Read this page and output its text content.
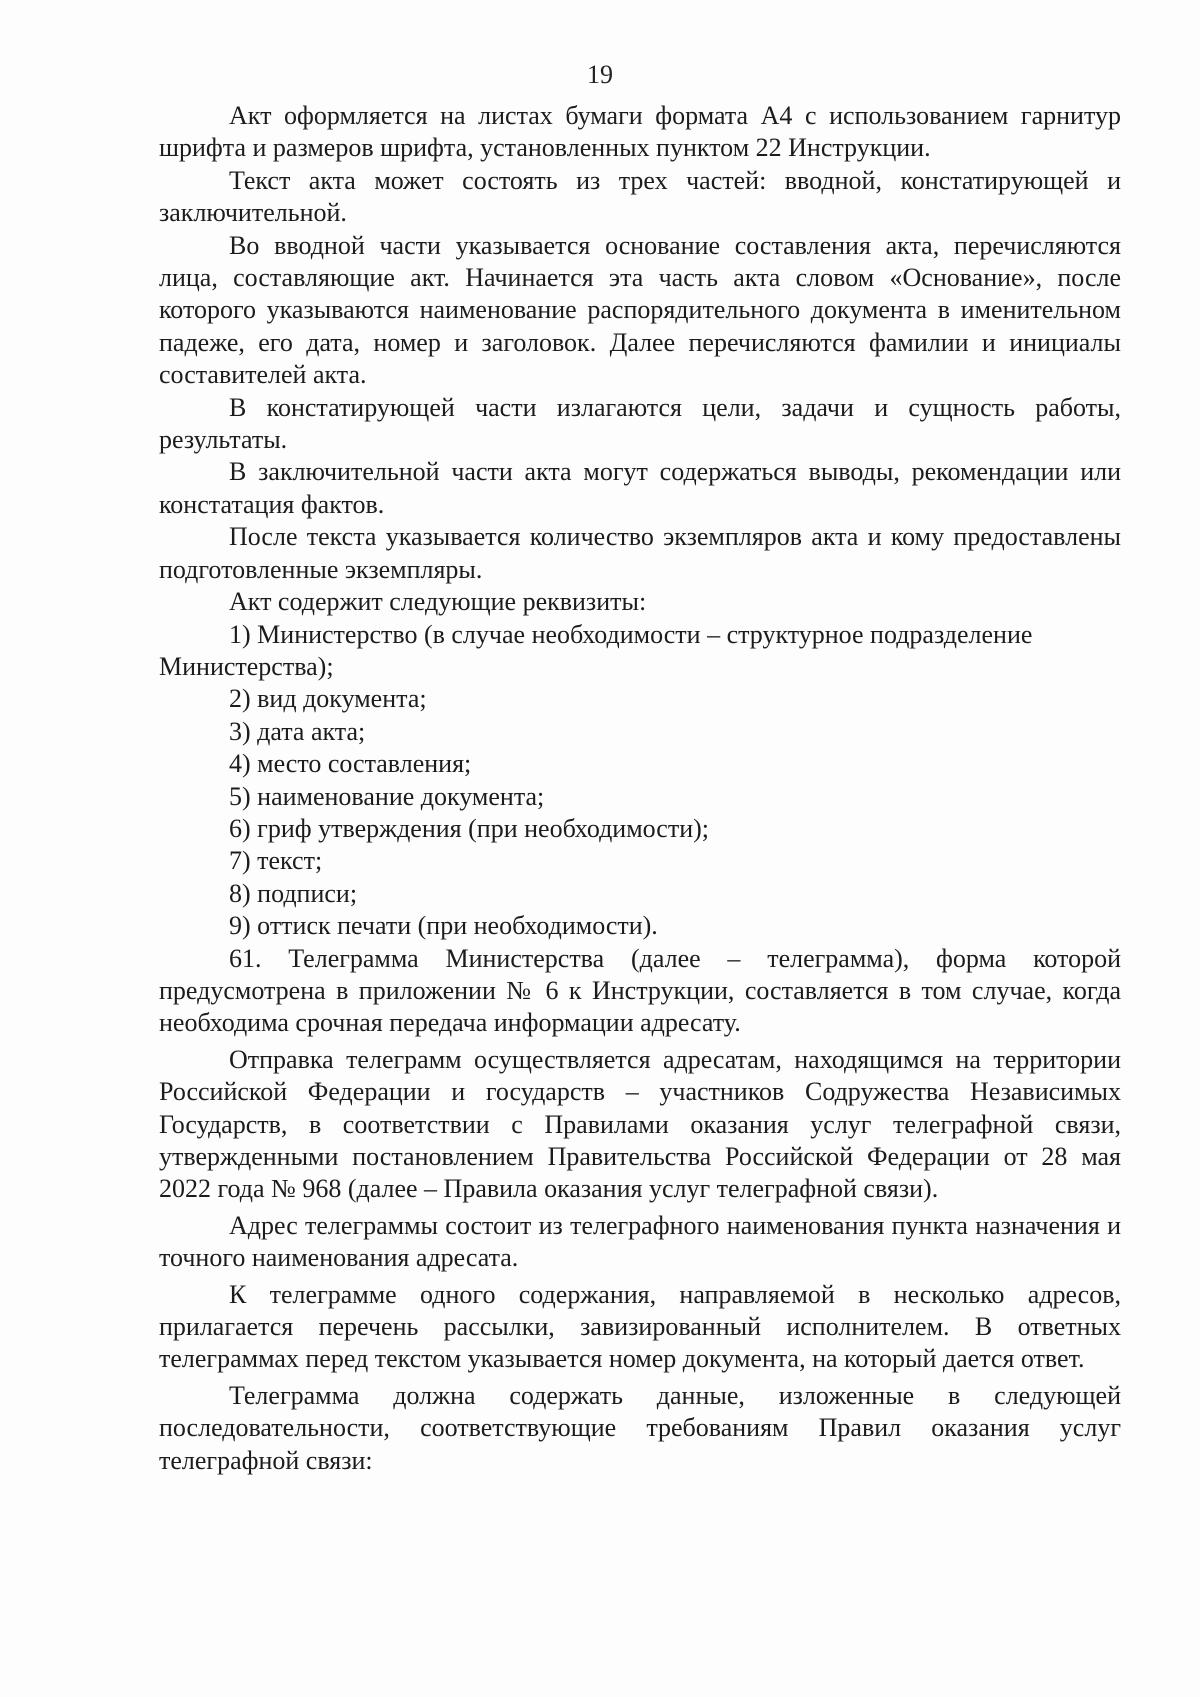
19

Акт оформляется на листах бумаги формата А4 с использованием гарнитур шрифта и размеров шрифта, установленных пунктом 22 Инструкции.

Текст акта может состоять из трех частей: вводной, констатирующей и заключительной.

Во вводной части указывается основание составления акта, перечисляются лица, составляющие акт. Начинается эта часть акта словом «Основание», после которого указываются наименование распорядительного документа в именительном падеже, его дата, номер и заголовок. Далее перечисляются фамилии и инициалы составителей акта.

В констатирующей части излагаются цели, задачи и сущность работы, результаты.

В заключительной части акта могут содержаться выводы, рекомендации или констатация фактов.

После текста указывается количество экземпляров акта и кому предоставлены подготовленные экземпляры.

Акт содержит следующие реквизиты:

1) Министерство (в случае необходимости – структурное подразделение Министерства);

2) вид документа;

3) дата акта;

4) место составления;

5) наименование документа;

6) гриф утверждения (при необходимости);

7) текст;

8) подписи;

9) оттиск печати (при необходимости).

61. Телеграмма Министерства (далее – телеграмма), форма которой предусмотрена в приложении № 6 к Инструкции, составляется в том случае, когда необходима срочная передача информации адресату.

Отправка телеграмм осуществляется адресатам, находящимся на территории Российской Федерации и государств – участников Содружества Независимых Государств, в соответствии с Правилами оказания услуг телеграфной связи, утвержденными постановлением Правительства Российской Федерации от 28 мая 2022 года № 968 (далее – Правила оказания услуг телеграфной связи).

Адрес телеграммы состоит из телеграфного наименования пункта назначения и точного наименования адресата.

К телеграмме одного содержания, направляемой в несколько адресов, прилагается перечень рассылки, завизированный исполнителем. В ответных телеграммах перед текстом указывается номер документа, на который дается ответ.

Телеграмма должна содержать данные, изложенные в следующей последовательности, соответствующие требованиям Правил оказания услуг телеграфной связи:
